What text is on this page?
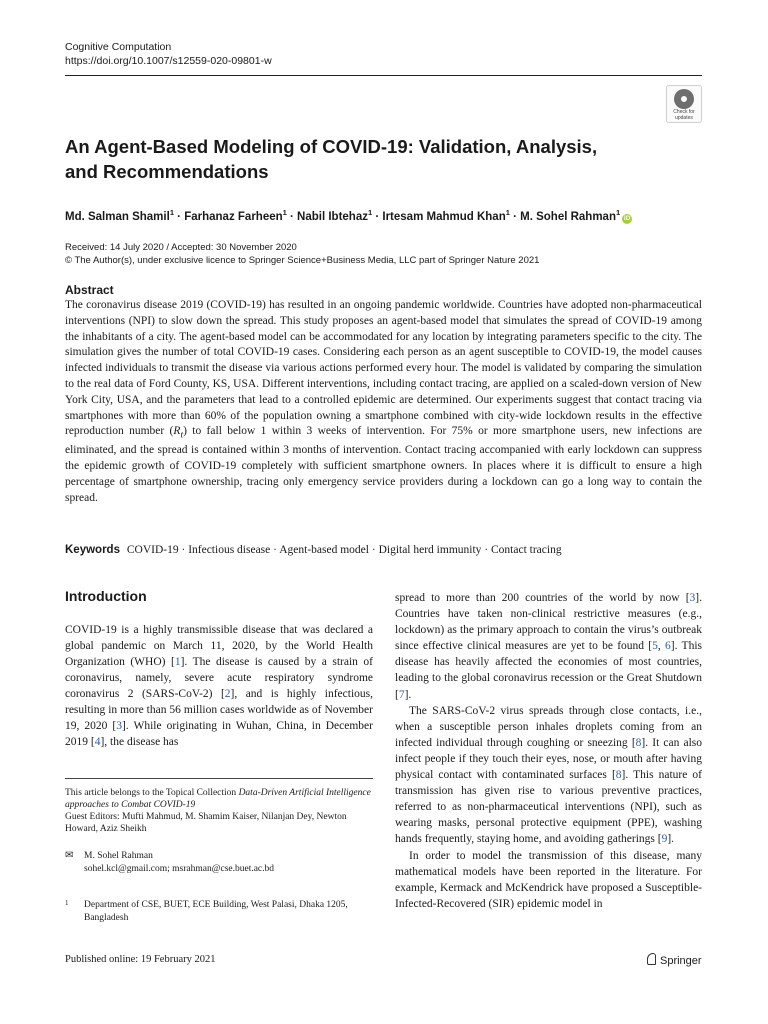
Cognitive Computation
https://doi.org/10.1007/s12559-020-09801-w
Check for
updates
An Agent-Based Modeling of COVID-19: Validation, Analysis,
and Recommendations
Md. Salman Shamil$^1$ · Farhanaz Farheen$^1$ · Nabil Ibtehaz$^1$ · Irtesam Mahmud Khan$^1$ · M. Sohel Rahman$^1$iD
Received: 14 July 2020 / Accepted: 30 November 2020
© The Author(s), under exclusive licence to Springer Science+Business Media, LLC part of Springer Nature 2021
Abstract
The coronavirus disease 2019 (COVID-19) has resulted in an ongoing pandemic worldwide. Countries have adopted non-pharmaceutical interventions (NPI) to slow down the spread. This study proposes an agent-based model that simulates the spread of COVID-19 among the inhabitants of a city. The agent-based model can be accommodated for any location by integrating parameters specific to the city. The simulation gives the number of total COVID-19 cases. Considering each person as an agent susceptible to COVID-19, the model causes infected individuals to transmit the disease via various actions performed every hour. The model is validated by comparing the simulation to the real data of Ford County, KS, USA. Different interventions, including contact tracing, are applied on a scaled-down version of New York City, USA, and the parameters that lead to a controlled epidemic are determined. Our experiments suggest that contact tracing via smartphones with more than 60% of the population owning a smartphone combined with city-wide lockdown results in the effective reproduction number $(R_t)$ to fall below 1 within 3 weeks of intervention. For 75% or more smartphone users, new infections are eliminated, and the spread is contained within 3 months of intervention. Contact tracing accompanied with early lockdown can suppress the epidemic growth of COVID-19 completely with sufficient smartphone owners. In places where it is difficult to ensure a high percentage of smartphone ownership, tracing only emergency service providers during a lockdown can go a long way to contain the spread.
Keywords COVID-19 · Infectious disease · Agent-based model · Digital herd immunity · Contact tracing
Introduction

COVID-19 is a highly transmissible disease that was declared a global pandemic on March 11, 2020, by the World Health Organization (WHO) [1]. The disease is caused by a strain of coronavirus, namely, severe acute respiratory syndrome coronavirus 2 (SARS-CoV-2) [2], and is highly infectious, resulting in more than 56 million cases worldwide as of November 19, 2020 [3]. While originating in Wuhan, China, in December 2019 [4], the disease has

spread to more than 200 countries of the world by now [3]. Countries have taken non-clinical restrictive measures (e.g., lockdown) as the primary approach to contain the virus’s outbreak since effective clinical measures are yet to be found [5, 6]. This disease has heavily affected the economies of most countries, leading to the global coronavirus recession or the Great Shutdown [7].

The SARS-CoV-2 virus spreads through close contacts, i.e., when a susceptible person inhales droplets coming from an infected individual through coughing or sneezing [8]. It can also infect people if they touch their eyes, nose, or mouth after having physical contact with contaminated surfaces [8]. This nature of transmission has given rise to various preventive practices, referred to as non-pharmaceutical interventions (NPI), such as wearing masks, personal protective equipment (PPE), washing hands frequently, staying home, and avoiding gatherings [9].

In order to model the transmission of this disease, many mathematical models have been reported in the literature. For example, Kermack and McKendrick have proposed a Susceptible-Infected-Recovered (SIR) epidemic model in

This article belongs to the Topical Collection Data-Driven Artificial Intelligence approaches to Combat COVID-19
Guest Editors: Mufti Mahmud, M. Shamim Kaiser, Nilanjan Dey, Newton Howard, Aziz Sheikh
✉ M. Sohel Rahman
sohel.kcl@gmail.com; msrahman@cse.buet.ac.bd
1 Department of CSE, BUET, ECE Building, West Palasi, Dhaka 1205, Bangladesh
Published online: 19 February 2021	Springer
